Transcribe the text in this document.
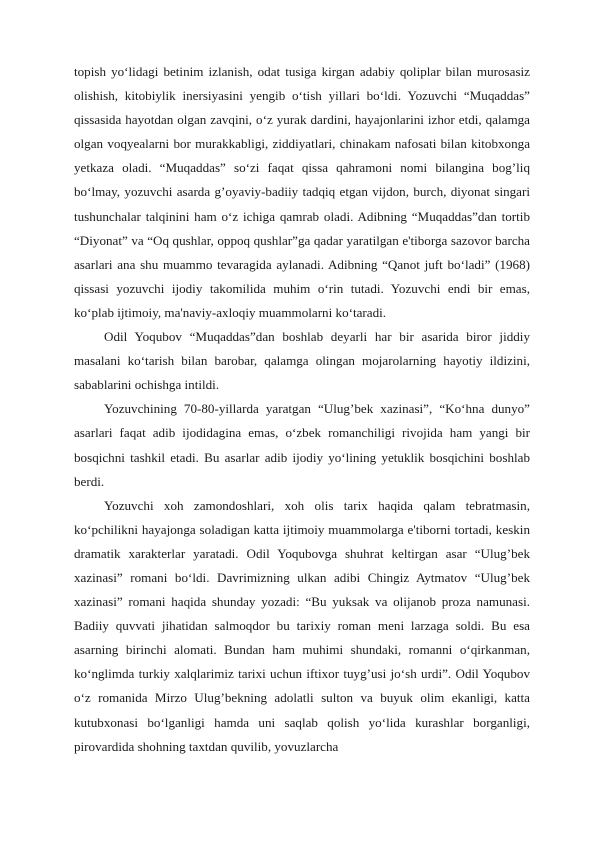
topish yo‘lidagi betinim izlanish, odat tusiga kirgan adabiy qoliplar bilan murosasiz olishish, kitobiylik inersiyasini yengib o‘tish yillari bo‘ldi. Yozuvchi “Muqaddas” qissasida hayotdan olgan zavqini, o‘z yurak dardini, hayajonlarini izhor etdi, qalamga olgan voqyealarni bor murakkabligi, ziddiyatlari, chinakam nafosati bilan kitobxonga yetkaza oladi. “Muqaddas” so‘zi faqat qissa qahramoni nomi bilangina bog’liq bo‘lmay, yozuvchi asarda g’oyaviy-badiiy tadqiq etgan vijdon, burch, diyonat singari tushunchalar talqinini ham o‘z ichiga qamrab oladi. Adibning “Muqaddas”dan tortib “Diyonat” va “Oq qushlar, oppoq qushlar”ga qadar yaratilgan e'tiborga sazovor barcha asarlari ana shu muammo tevaragida aylanadi. Adibning “Qanot juft bo‘ladi” (1968) qissasi yozuvchi ijodiy takomilida muhim o‘rin tutadi. Yozuvchi endi bir emas, ko‘plab ijtimoiy, ma'naviy-axloqiy muammolarni ko‘taradi.

Odil Yoqubov “Muqaddas”dan boshlab deyarli har bir asarida biror jiddiy masalani ko‘tarish bilan barobar, qalamga olingan mojarolarning hayotiy ildizini, sabablarini ochishga intildi.

Yozuvchining 70-80-yillarda yaratgan “Ulug’bek xazinasi”, “Ko‘hna dunyo” asarlari faqat adib ijodidagina emas, o‘zbek romanchiligi rivojida ham yangi bir bosqichni tashkil etadi. Bu asarlar adib ijodiy yo‘lining yetuklik bosqichini boshlab berdi.

Yozuvchi xoh zamondoshlari, xoh olis tarix haqida qalam tebratmasin, ko‘pchilikni hayajonga soladigan katta ijtimoiy muammolarga e'tiborni tortadi, keskin dramatik xarakterlar yaratadi. Odil Yoqubovga shuhrat keltirgan asar “Ulug’bek xazinasi” romani bo‘ldi. Davrimizning ulkan adibi Chingiz Aytmatov “Ulug’bek xazinasi” romani haqida shunday yozadi: “Bu yuksak va olijanob proza namunasi. Badiiy quvvati jihatidan salmoqdor bu tarixiy roman meni larzaga soldi. Bu esa asarning birinchi alomati. Bundan ham muhimi shundaki, romanni o‘qirkanman, ko‘nglimda turkiy xalqlarimiz tarixi uchun iftixor tuyg’usi jo‘sh urdi”. Odil Yoqubov o‘z romanida Mirzo Ulug’bekning adolatli sulton va buyuk olim ekanligi, katta kutubxonasi bo‘lganligi hamda uni saqlab qolish yo‘lida kurashlar borganligi, pirovardida shohning taxtdan quvilib, yovuzlarcha
